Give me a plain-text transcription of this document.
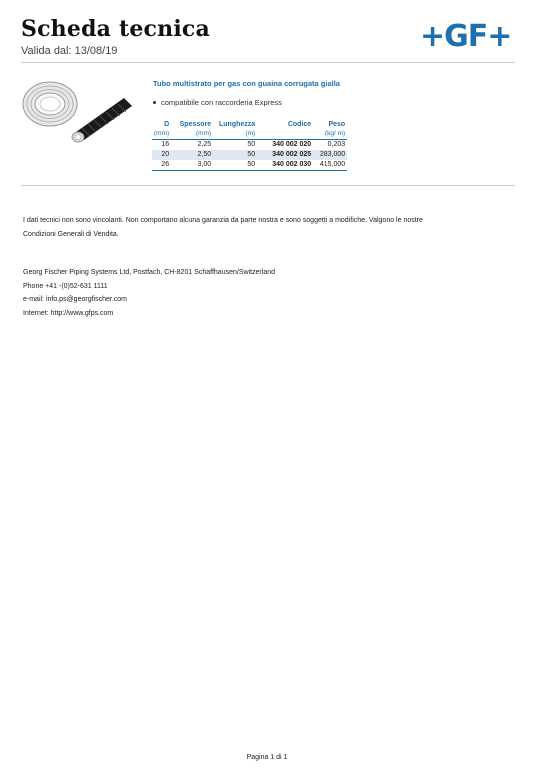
Scheda tecnica
Valida dal: 13/08/19	+GF+
Tubo multistrato per gas con guaina corrugata gialla
compatibile con raccorderia Express
D	Spessore	Lunghezza	Codice	Peso
(mm)	(mm)	(m)		(kg/ m)
16	2,25	50	340 002 020	0,203
20	2,50	50	340 002 025	283,000
26	3,00	50	340 002 030	415,000
I dati tecnici non sono vincolanti. Non comportano alcuna garanzia da parte nostra e sono soggetti a modifiche. Valgono le nostre
Condizioni Generali di Vendita.
Georg Fischer Piping Systems Ltd, Postfach, CH-8201 Schaffhausen/Switzerland
Phone +41 -(0)52-631 1111
e-mail: info.ps@georgfischer.com
Internet: http://www.gfps.com
Pagina 1 di 1
